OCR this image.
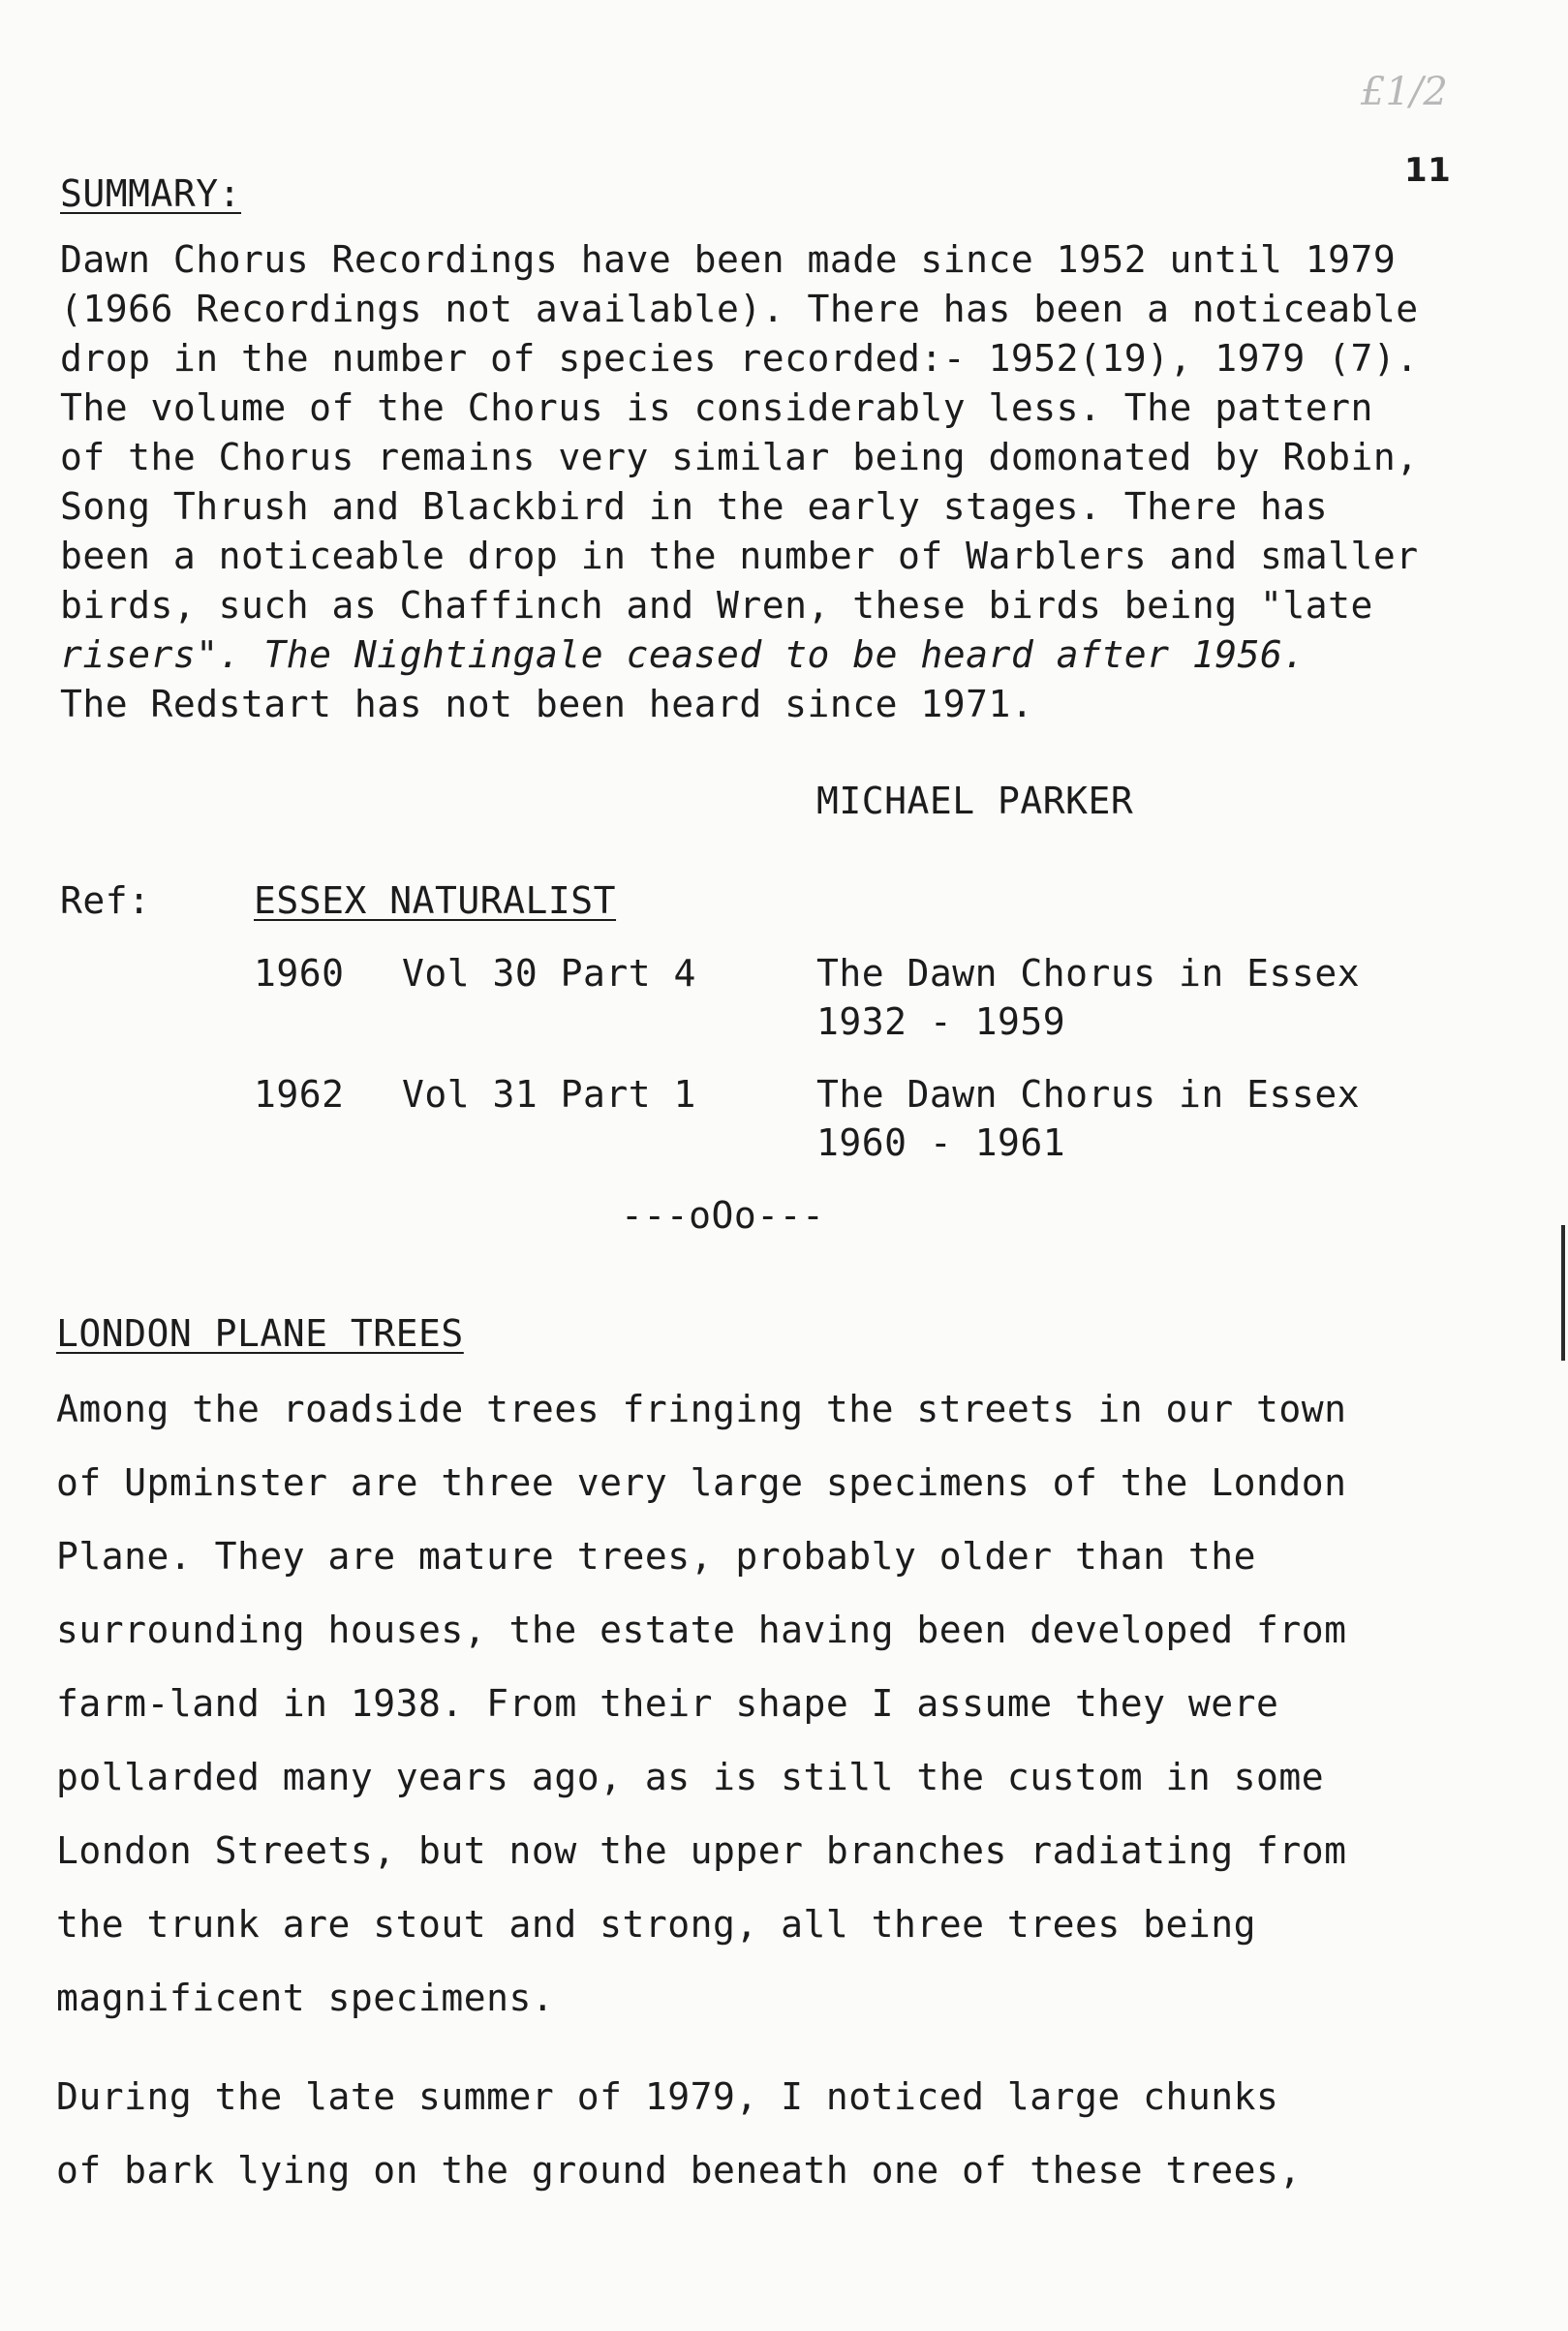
£1/2
SUMMARY:
11
Dawn Chorus Recordings have been made since 1952 until 1979
(1966 Recordings not available). There has been a noticeable
drop in the number of species recorded:- 1952(19), 1979 (7).
The volume of the Chorus is considerably less. The pattern
of the Chorus remains very similar being domonated by Robin,
Song Thrush and Blackbird in the early stages. There has
been a noticeable drop in the number of Warblers and smaller
birds, such as Chaffinch and Wren, these birds being "late
risers". The Nightingale ceased to be heard after 1956.
The Redstart has not been heard since 1971.
MICHAEL PARKER
Ref:	ESSEX NATURALIST
1960 Vol 30 Part 4	The Dawn Chorus in Essex
1932 - 1959
1962 Vol 31 Part 1	The Dawn Chorus in Essex
1960 - 1961
---oOo---
LONDON PLANE TREES
Among the roadside trees fringing the streets in our town
of Upminster are three very large specimens of the London
Plane. They are mature trees, probably older than the
surrounding houses, the estate having been developed from
farm-land in 1938. From their shape I assume they were
pollarded many years ago, as is still the custom in some
London Streets, but now the upper branches radiating from
the trunk are stout and strong, all three trees being
magnificent specimens.
During the late summer of 1979, I noticed large chunks
of bark lying on the ground beneath one of these trees,
